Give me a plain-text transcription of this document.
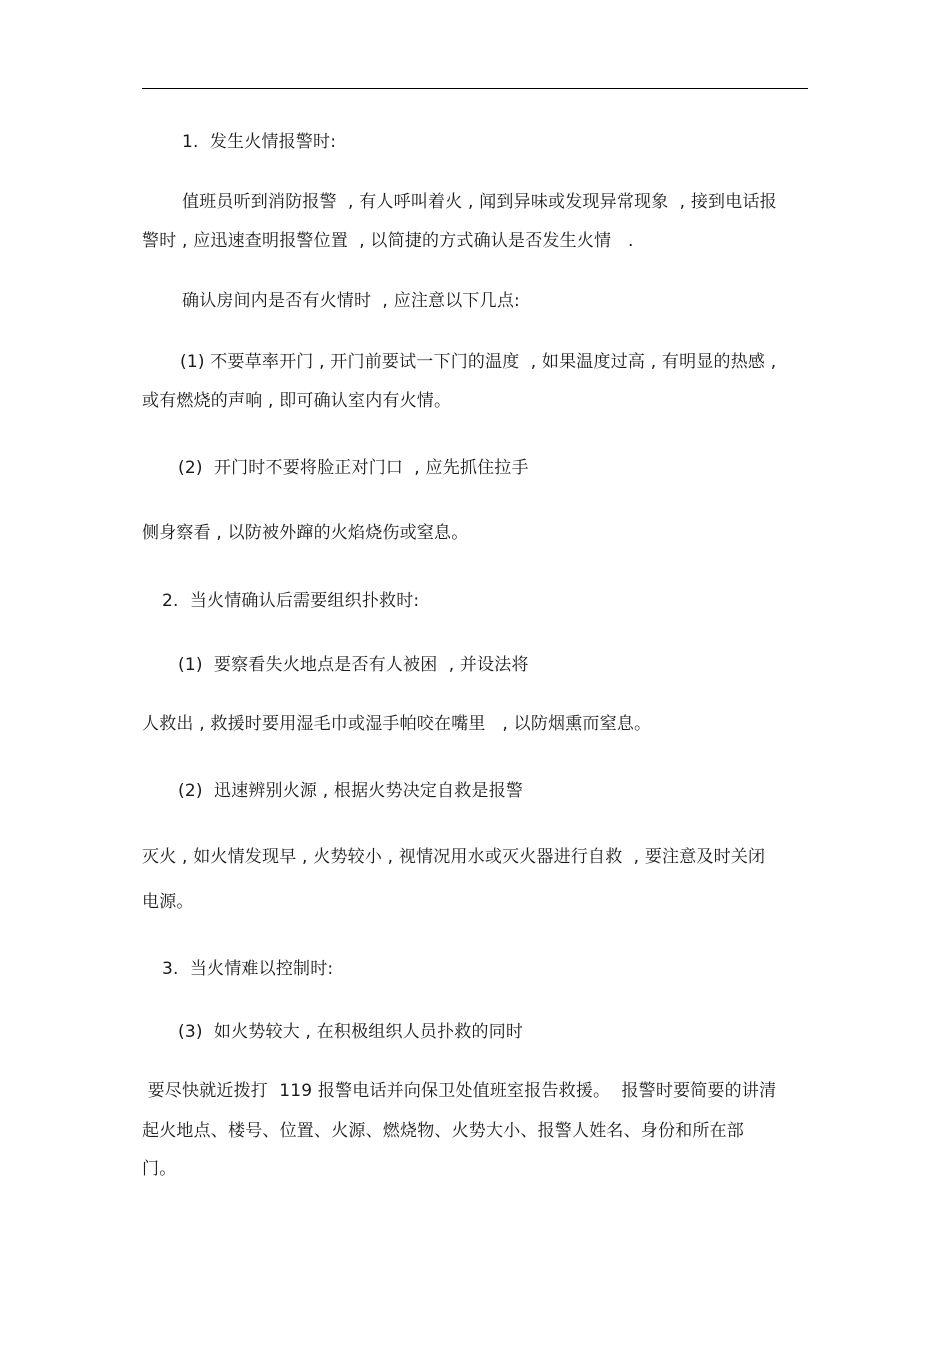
1.  发生火情报警时:
值班员听到消防报警  , 有人呼叫着火 , 闻到异味或发现异常现象  , 接到电话报
警时 , 应迅速查明报警位置  , 以简捷的方式确认是否发生火情   .
确认房间内是否有火情时  , 应注意以下几点:
(1) 不要草率开门 , 开门前要试一下门的温度  , 如果温度过高 , 有明显的热感 ,
或有燃烧的声响 , 即可确认室内有火情。
(2)  开门时不要将脸正对门口  , 应先抓住拉手
侧身察看 , 以防被外蹿的火焰烧伤或窒息。
2.  当火情确认后需要组织扑救时:
(1)  要察看失火地点是否有人被困  , 并设法将
人救出 , 救援时要用湿毛巾或湿手帕咬在嘴里   , 以防烟熏而窒息。
(2)  迅速辨别火源 , 根据火势决定自救是报警
灭火 , 如火情发现早 , 火势较小 , 视情况用水或灭火器进行自救  , 要注意及时关闭
电源。
3.  当火情难以控制时:
(3)  如火势较大 , 在积极组织人员扑救的同时
要尽快就近拨打  119 报警电话并向保卫处值班室报告救援。  报警时要简要的讲清
起火地点、楼号、位置、火源、燃烧物、火势大小、报警人姓名、身份和所在部
门。
